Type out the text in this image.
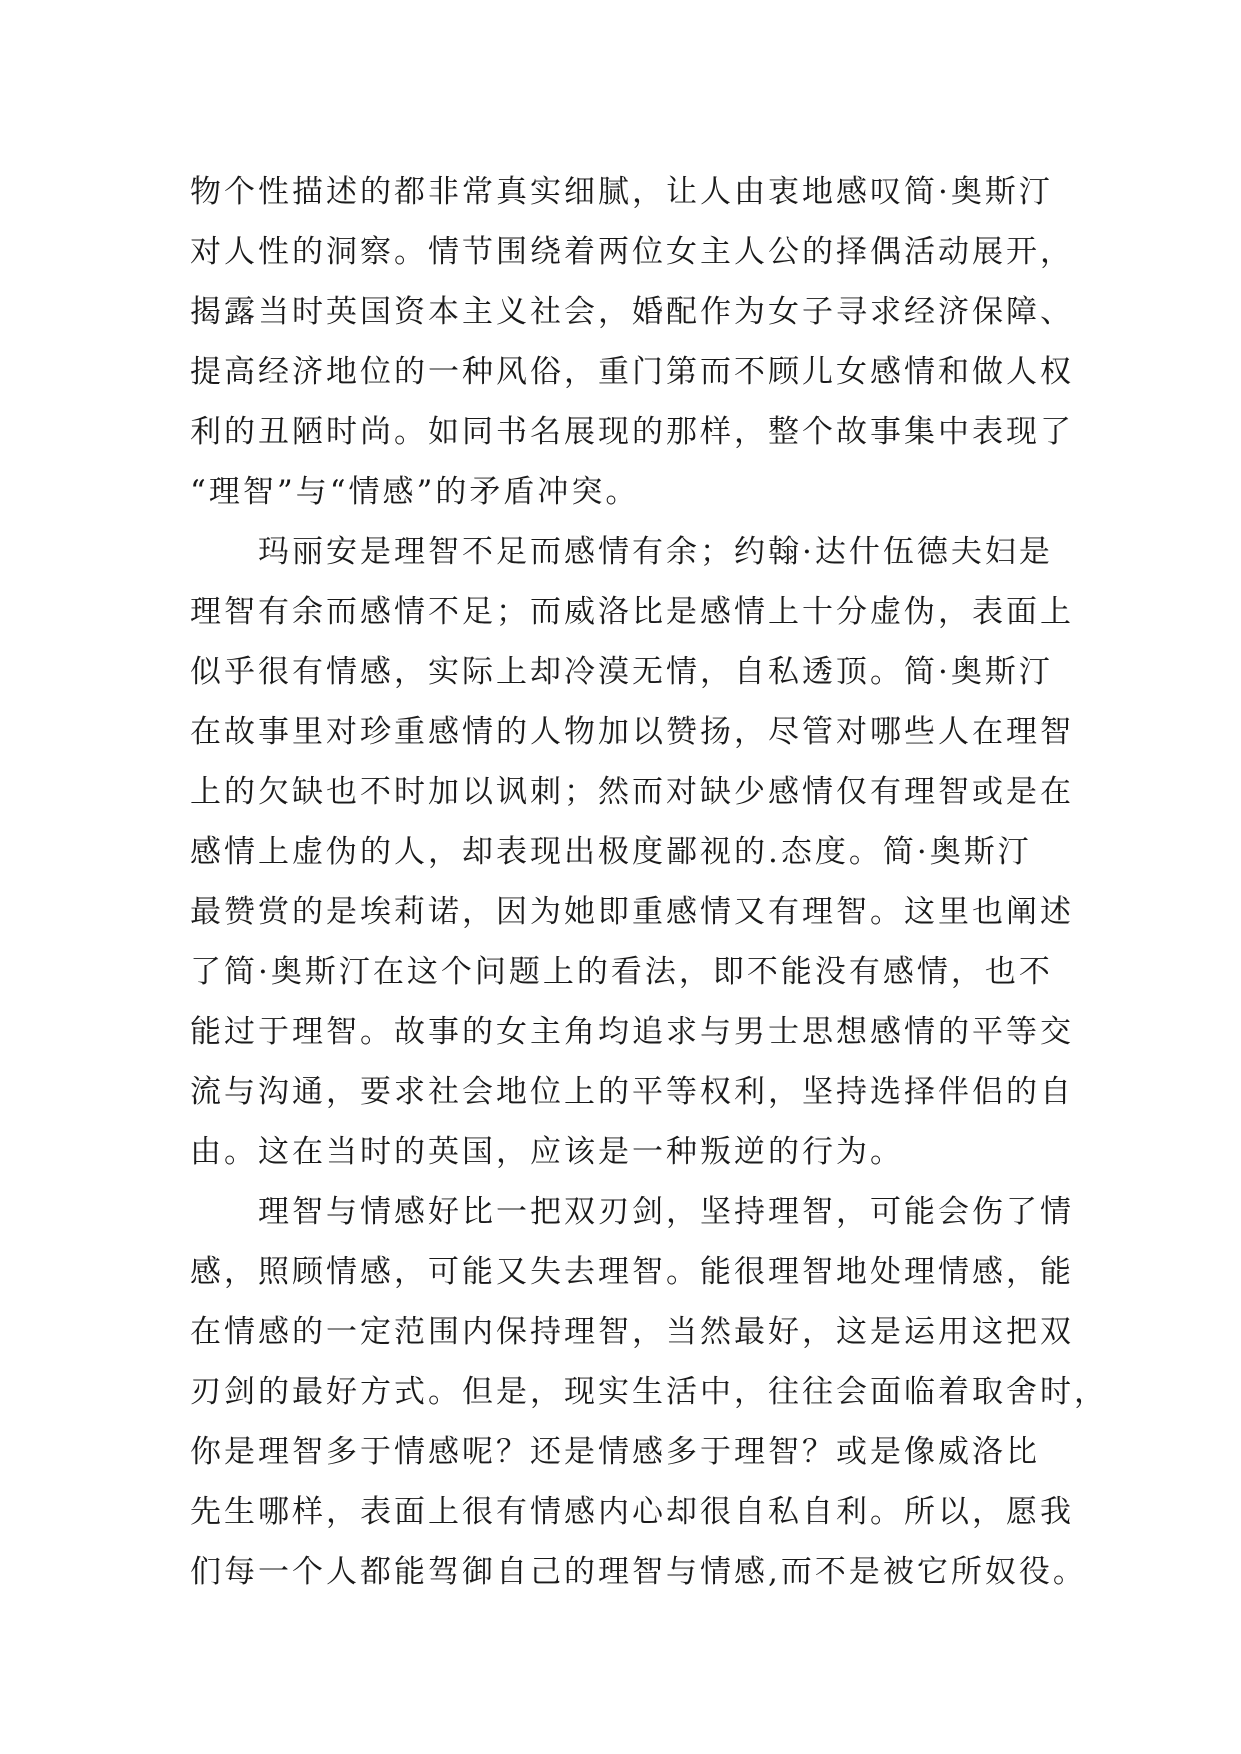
物个性描述的都非常真实细腻，让人由衷地感叹简·奥斯汀
对人性的洞察。情节围绕着两位女主人公的择偶活动展开，
揭露当时英国资本主义社会，婚配作为女子寻求经济保障、
提高经济地位的一种风俗，重门第而不顾儿女感情和做人权
利的丑陋时尚。如同书名展现的那样，整个故事集中表现了
“理智”与“情感”的矛盾冲突。
　　玛丽安是理智不足而感情有余；约翰·达什伍德夫妇是
理智有余而感情不足；而威洛比是感情上十分虚伪，表面上
似乎很有情感，实际上却冷漠无情，自私透顶。简·奥斯汀
在故事里对珍重感情的人物加以赞扬，尽管对哪些人在理智
上的欠缺也不时加以讽刺；然而对缺少感情仅有理智或是在
感情上虚伪的人，却表现出极度鄙视的.态度。简·奥斯汀
最赞赏的是埃莉诺，因为她即重感情又有理智。这里也阐述
了简·奥斯汀在这个问题上的看法，即不能没有感情，也不
能过于理智。故事的女主角均追求与男士思想感情的平等交
流与沟通，要求社会地位上的平等权利，坚持选择伴侣的自
由。这在当时的英国，应该是一种叛逆的行为。
　　理智与情感好比一把双刃剑，坚持理智，可能会伤了情
感，照顾情感，可能又失去理智。能很理智地处理情感，能
在情感的一定范围内保持理智，当然最好，这是运用这把双
刃剑的最好方式。但是，现实生活中，往往会面临着取舍时，
你是理智多于情感呢？还是情感多于理智？或是像威洛比
先生哪样，表面上很有情感内心却很自私自利。所以，愿我
们每一个人都能驾御自己的理智与情感,而不是被它所奴役。
